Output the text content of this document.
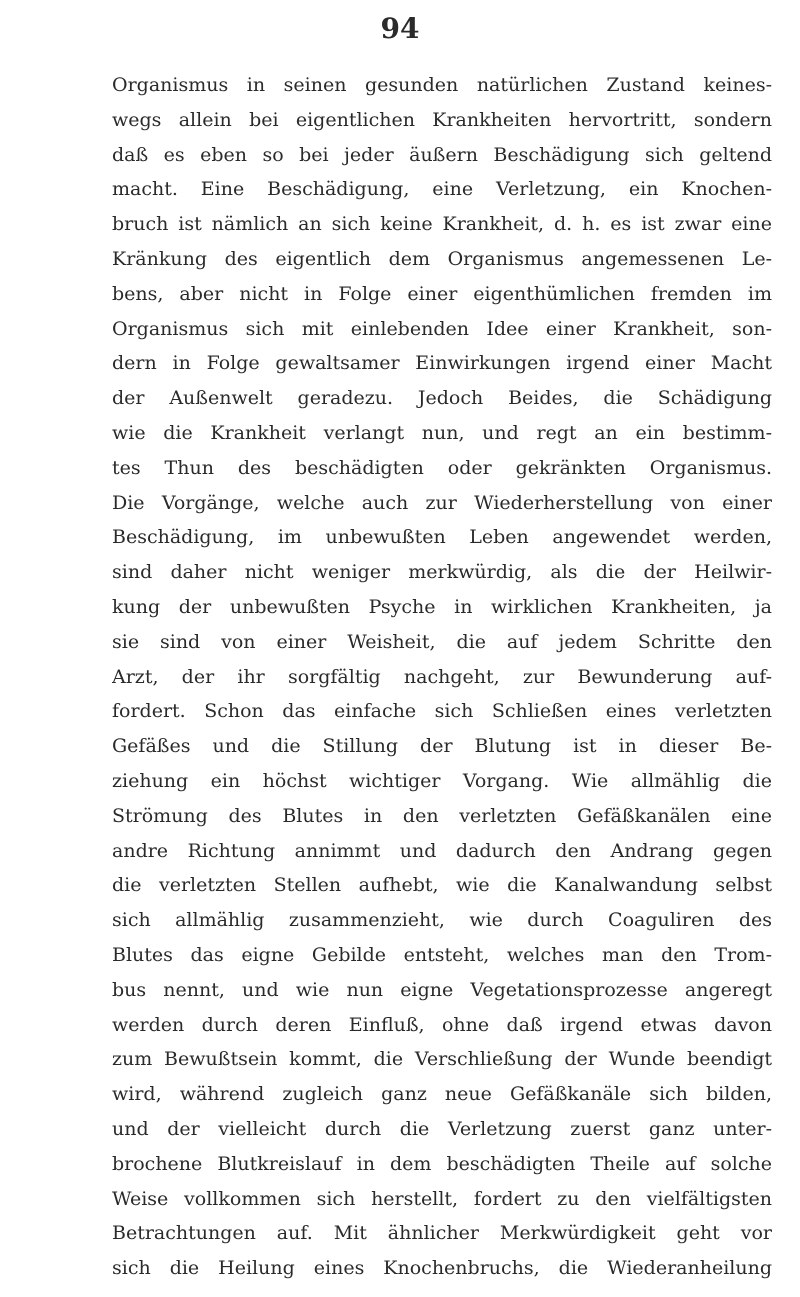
94
Organismus in seinen gesunden natürlichen Zustand keines-
wegs allein bei eigentlichen Krankheiten hervortritt, sondern
daß es eben so bei jeder äußern Beschädigung sich geltend
macht. Eine Beschädigung, eine Verletzung, ein Knochen-
bruch ist nämlich an sich keine Krankheit, d. h. es ist zwar eine
Kränkung des eigentlich dem Organismus angemessenen Le-
bens, aber nicht in Folge einer eigenthümlichen fremden im
Organismus sich mit einlebenden Idee einer Krankheit, son-
dern in Folge gewaltsamer Einwirkungen irgend einer Macht
der Außenwelt geradezu. Jedoch Beides, die Schädigung
wie die Krankheit verlangt nun, und regt an ein bestimm-
tes Thun des beschädigten oder gekränkten Organismus.
Die Vorgänge, welche auch zur Wiederherstellung von einer
Beschädigung, im unbewußten Leben angewendet werden,
sind daher nicht weniger merkwürdig, als die der Heilwir-
kung der unbewußten Psyche in wirklichen Krankheiten, ja
sie sind von einer Weisheit, die auf jedem Schritte den
Arzt, der ihr sorgfältig nachgeht, zur Bewunderung auf-
fordert. Schon das einfache sich Schließen eines verletzten
Gefäßes und die Stillung der Blutung ist in dieser Be-
ziehung ein höchst wichtiger Vorgang. Wie allmählig die
Strömung des Blutes in den verletzten Gefäßkanälen eine
andre Richtung annimmt und dadurch den Andrang gegen
die verletzten Stellen aufhebt, wie die Kanalwandung selbst
sich allmählig zusammenzieht, wie durch Coaguliren des
Blutes das eigne Gebilde entsteht, welches man den Trom-
bus nennt, und wie nun eigne Vegetationsprozesse angeregt
werden durch deren Einfluß, ohne daß irgend etwas davon
zum Bewußtsein kommt, die Verschließung der Wunde beendigt
wird, während zugleich ganz neue Gefäßkanäle sich bilden,
und der vielleicht durch die Verletzung zuerst ganz unter-
brochene Blutkreislauf in dem beschädigten Theile auf solche
Weise vollkommen sich herstellt, fordert zu den vielfältigsten
Betrachtungen auf. Mit ähnlicher Merkwürdigkeit geht vor
sich die Heilung eines Knochenbruchs, die Wiederanheilung
